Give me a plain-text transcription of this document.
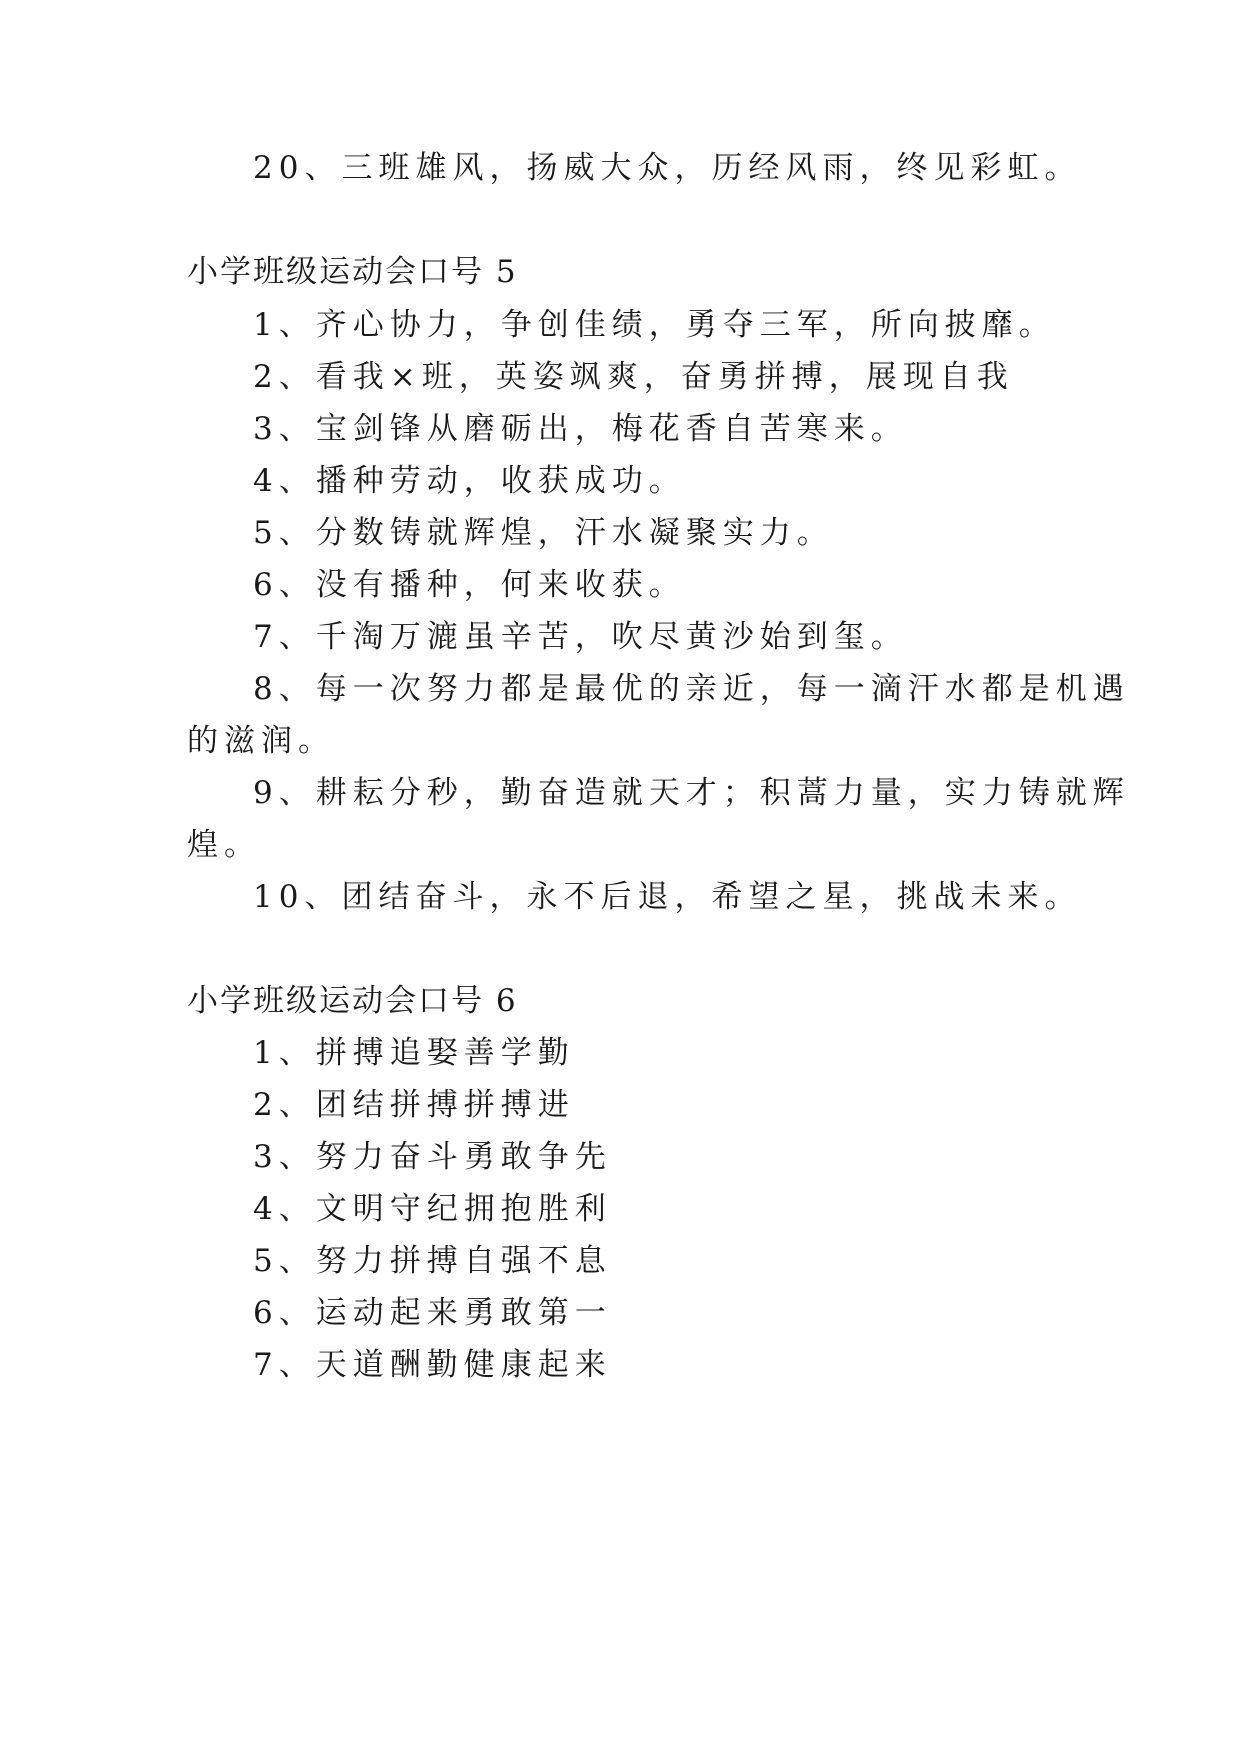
20、三班雄风，扬威大众，历经风雨，终见彩虹。
小学班级运动会口号 5
1、齐心协力，争创佳绩，勇夺三军，所向披靡。
2、看我×班，英姿飒爽，奋勇拼搏，展现自我
3、宝剑锋从磨砺出，梅花香自苦寒来。
4、播种劳动，收获成功。
5、分数铸就辉煌，汗水凝聚实力。
6、没有播种，何来收获。
7、千淘万漉虽辛苦，吹尽黄沙始到玺。
8、每一次努力都是最优的亲近，每一滴汗水都是机遇
的滋润。
9、耕耘分秒，勤奋造就天才；积蒿力量，实力铸就辉
煌。
10、团结奋斗，永不后退，希望之星，挑战未来。
小学班级运动会口号 6
1、拼搏追娶善学勤
2、团结拼搏拼搏进
3、努力奋斗勇敢争先
4、文明守纪拥抱胜利
5、努力拼搏自强不息
6、运动起来勇敢第一
7、天道酬勤健康起来
